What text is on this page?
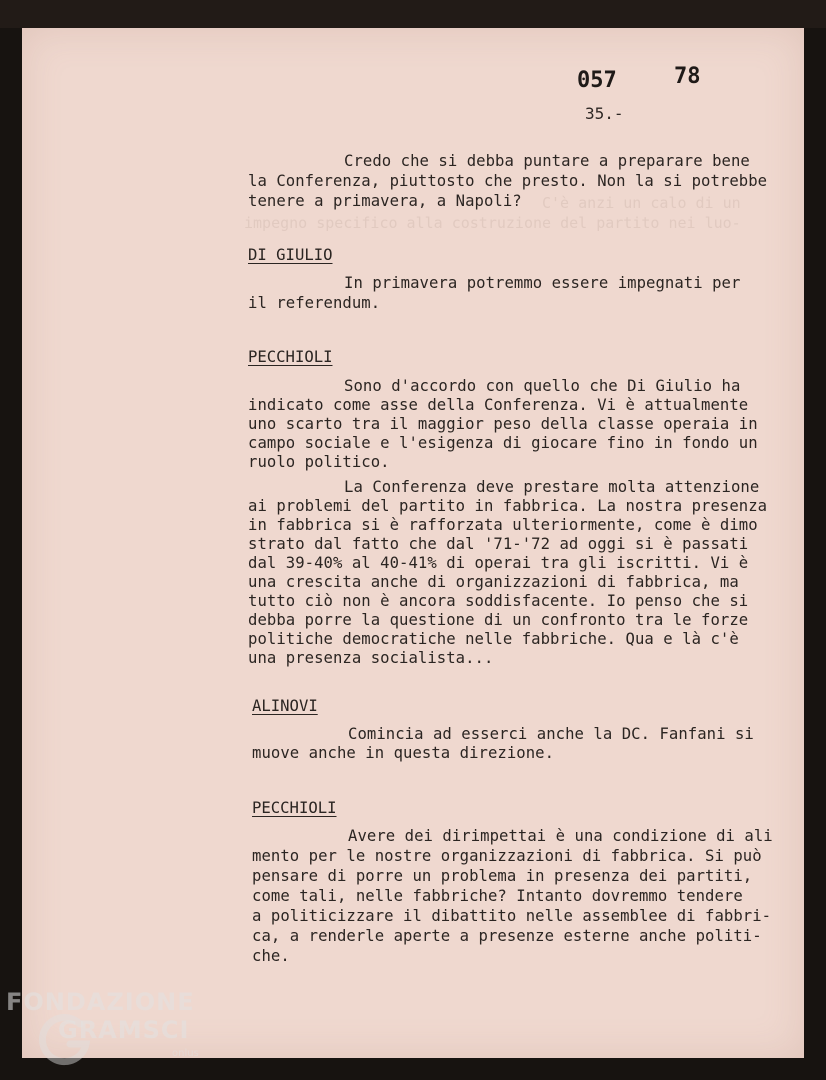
C'è anzi un calo di un
impegno specifico alla costruzione del partito nei luo-
057	78
35.-
Credo che si debba puntare a preparare bene
la Conferenza, piuttosto che presto. Non la si potrebbe
tenere a primavera, a Napoli?
DI GIULIO
In primavera potremmo essere impegnati per
il referendum.
PECCHIOLI
Sono d'accordo con quello che Di Giulio ha
indicato come asse della Conferenza. Vi è attualmente
uno scarto tra il maggior peso della classe operaia in
campo sociale e l'esigenza di giocare fino in fondo un
ruolo politico.
La Conferenza deve prestare molta attenzione
ai problemi del partito in fabbrica. La nostra presenza
in fabbrica si è rafforzata ulteriormente, come è dimo
strato dal fatto che dal '71-'72 ad oggi si è passati
dal 39-40% al 40-41% di operai tra gli iscritti. Vi è
una crescita anche di organizzazioni di fabbrica, ma
tutto ciò non è ancora soddisfacente. Io penso che si
debba porre la questione di un confronto tra le forze
politiche democratiche nelle fabbriche. Qua e là c'è
una presenza socialista...
ALINOVI
Comincia ad esserci anche la DC. Fanfani si
muove anche in questa direzione.
PECCHIOLI
Avere dei dirimpettai è una condizione di ali
mento per le nostre organizzazioni di fabbrica. Si può
pensare di porre un problema in presenza dei partiti,
come tali, nelle fabbriche? Intanto dovremmo tendere
a politicizzare il dibattito nelle assemblee di fabbri-
ca, a renderle aperte a presenze esterne anche politi-
che.
FONDAZIONE
GRAMSCI
onlus
